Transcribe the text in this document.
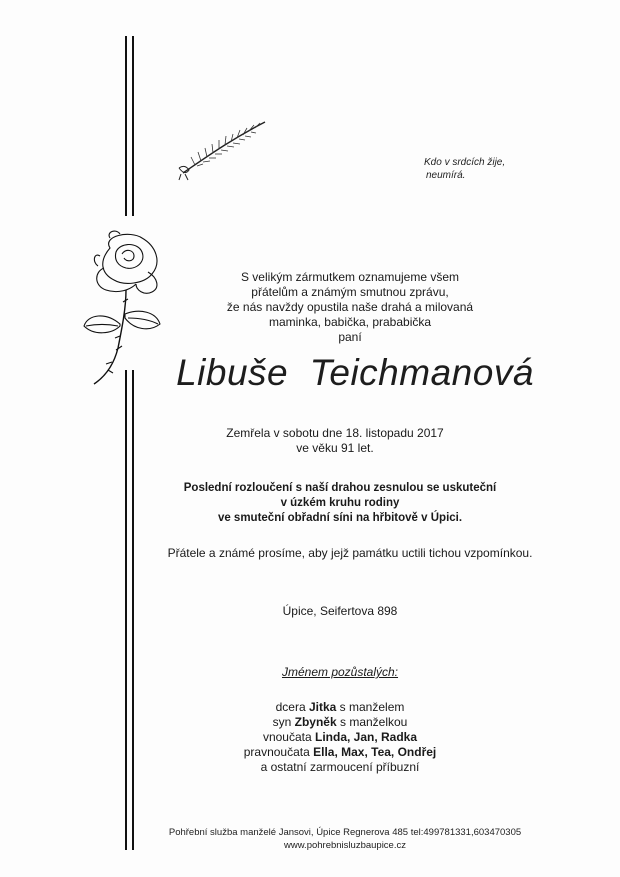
Kdo v srdcích žije,
neumírá.
S velikým zármutkem oznamujeme všem
přátelům a známým smutnou zprávu,
že nás navždy opustila naše drahá a milovaná
maminka, babička, prababička
paní
Libuše  Teichmanová
Zemřela v sobotu dne 18. listopadu 2017
ve věku 91 let.
Poslední rozloučení s naší drahou zesnulou se uskuteční
v úzkém kruhu rodiny
ve smuteční obřadní síni na hřbitově v Úpici.
Přátele a známé prosíme, aby jejž památku uctili tichou vzpomínkou.
Úpice, Seifertova 898
Jménem pozůstalých:
dcera Jitka s manželem
syn Zbyněk s manželkou
vnoučata Linda, Jan, Radka
pravnoučata Ella, Max, Tea, Ondřej
a ostatní zarmoucení příbuzní
Pohřební služba manželé Jansovi, Úpice Regnerova 485 tel:499781331,603470305
www.pohrebnisluzbaupice.cz
